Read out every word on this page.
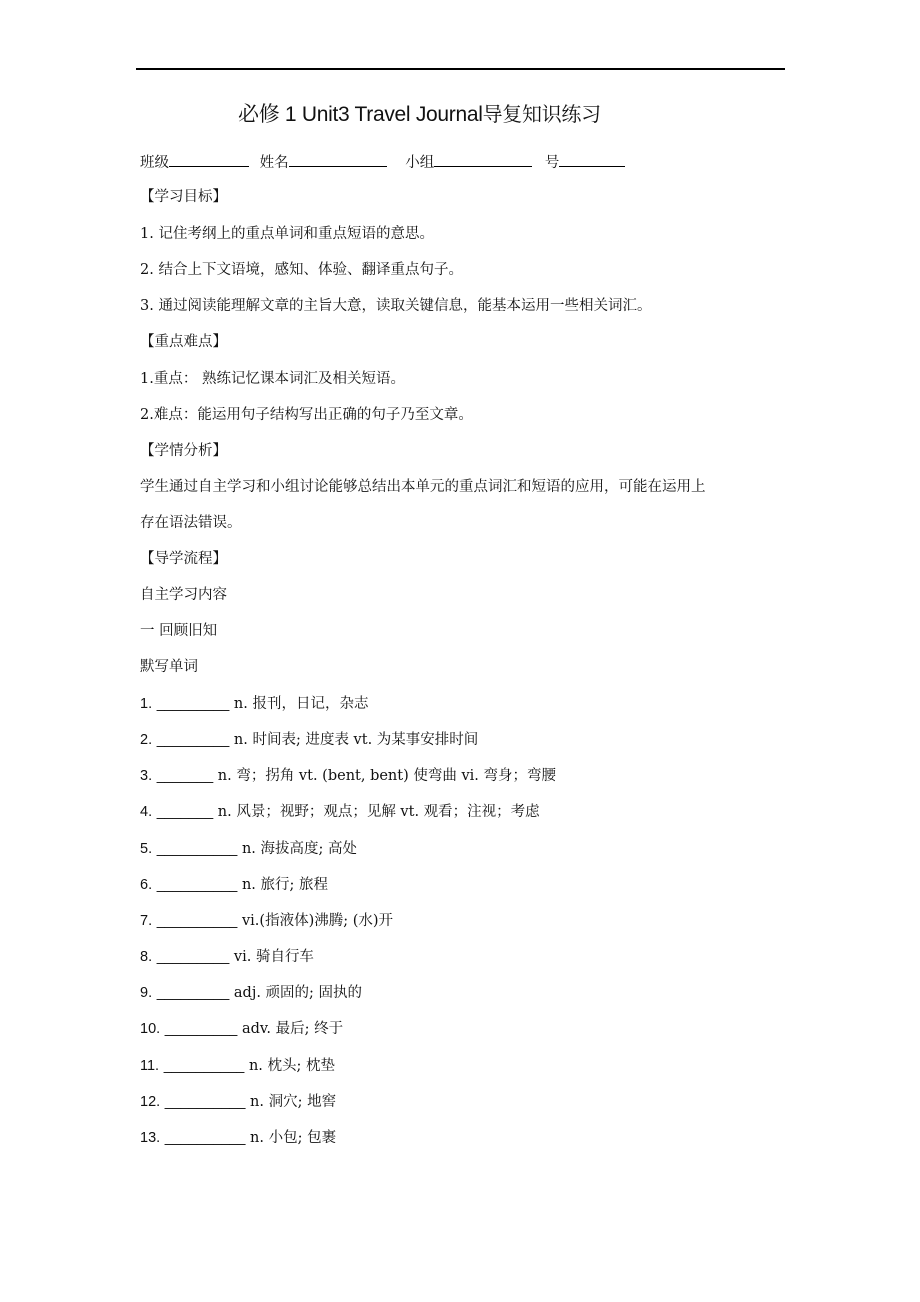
必修 1 Unit3 Travel Journal导复知识练习
班级	姓名	小组	号
【学习目标】
1. 记住考纲上的重点单词和重点短语的意思。
2. 结合上下文语境，感知、体验、翻译重点句子。
3. 通过阅读能理解文章的主旨大意，读取关键信息，能基本运用一些相关词汇。
【重点难点】
1.重点： 熟练记忆课本词汇及相关短语。
2.难点：能运用句子结构写出正确的句子乃至文章。
【学情分析】
学生通过自主学习和小组讨论能够总结出本单元的重点词汇和短语的应用，可能在运用上
存在语法错误。
【导学流程】
自主学习内容
一 回顾旧知
默写单词
1. _________ n. 报刊，日记，杂志
2. _________ n. 时间表; 进度表 vt. 为某事安排时间
3. _______ n. 弯；拐角 vt. (bent, bent) 使弯曲 vi. 弯身；弯腰
4. _______ n. 风景；视野；观点；见解 vt. 观看；注视；考虑
5. __________ n. 海拔高度; 高处
6. __________ n. 旅行; 旅程
7. __________ vi.(指液体)沸腾; (水)开
8. _________ vi. 骑自行车
9. _________ adj. 顽固的; 固执的
10. _________ adv. 最后; 终于
11. __________ n. 枕头; 枕垫
12. __________ n. 洞穴; 地窖
13. __________ n. 小包; 包裹
